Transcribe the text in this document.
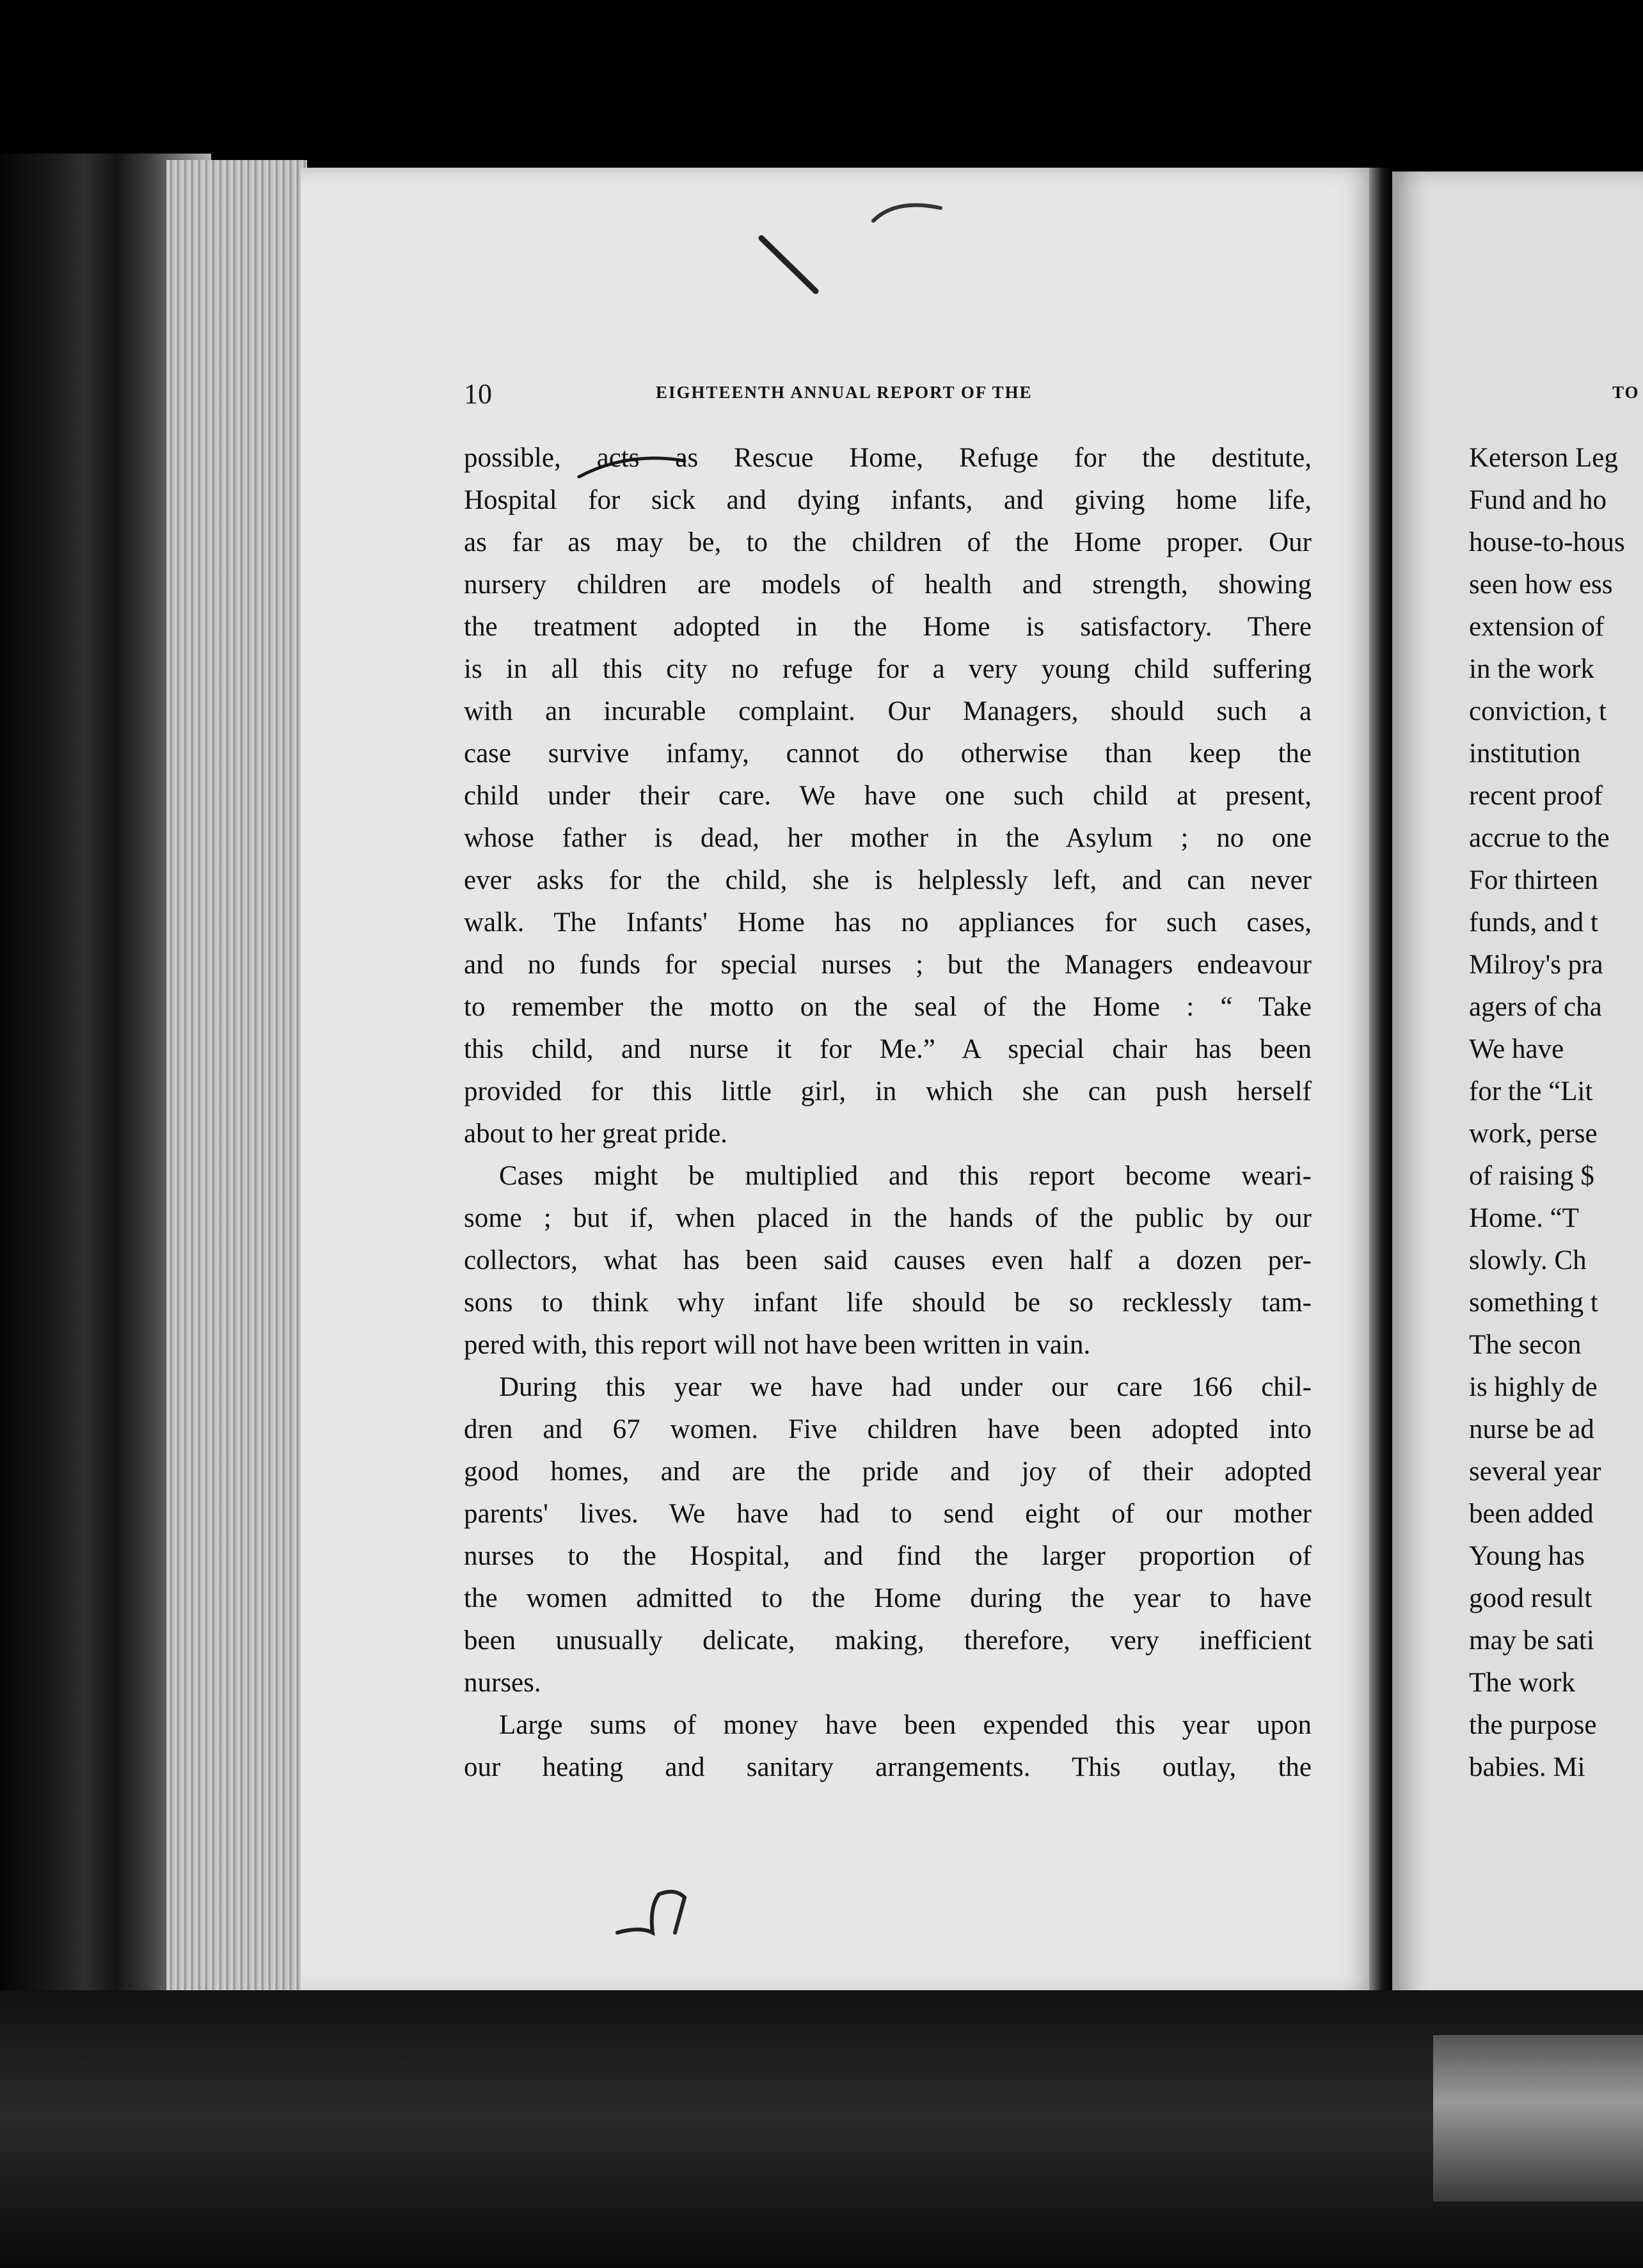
10	EIGHTEENTH ANNUAL REPORT OF THE
possible, acts as Rescue Home, Refuge for the destitute,
Hospital for sick and dying infants, and giving home life,
as far as may be, to the children of the Home proper. Our
nursery children are models of health and strength, showing
the treatment adopted in the Home is satisfactory. There
is in all this city no refuge for a very young child suffering
with an incurable complaint. Our Managers, should such a
case survive infamy, cannot do otherwise than keep the
child under their care. We have one such child at present,
whose father is dead, her mother in the Asylum ; no one
ever asks for the child, she is helplessly left, and can never
walk. The Infants' Home has no appliances for such cases,
and no funds for special nurses ; but the Managers endeavour
to remember the motto on the seal of the Home : “ Take
this child, and nurse it for Me.” A special chair has been
provided for this little girl, in which she can push herself
about to her great pride.
Cases might be multiplied and this report become weari-
some ; but if, when placed in the hands of the public by our
collectors, what has been said causes even half a dozen per-
sons to think why infant life should be so recklessly tam-
pered with, this report will not have been written in vain.
During this year we have had under our care 166 chil-
dren and 67 women. Five children have been adopted into
good homes, and are the pride and joy of their adopted
parents' lives. We have had to send eight of our mother
nurses to the Hospital, and find the larger proportion of
the women admitted to the Home during the year to have
been unusually delicate, making, therefore, very inefficient
nurses.
Large sums of money have been expended this year upon
our heating and sanitary arrangements. This outlay, the
TO
Keterson Leg
Fund and ho
house-to-hous
seen how ess
extension of
in the work
conviction, t
institution
recent proof
accrue to the
For thirteen
funds, and t
Milroy's pra
agers of cha
We have
for the “Lit
work, perse
of raising $
Home. “T
slowly. Ch
something t
The secon
is highly de
nurse be ad
several year
been added
Young has
good result
may be sati
The work
the purpose
babies. Mi
